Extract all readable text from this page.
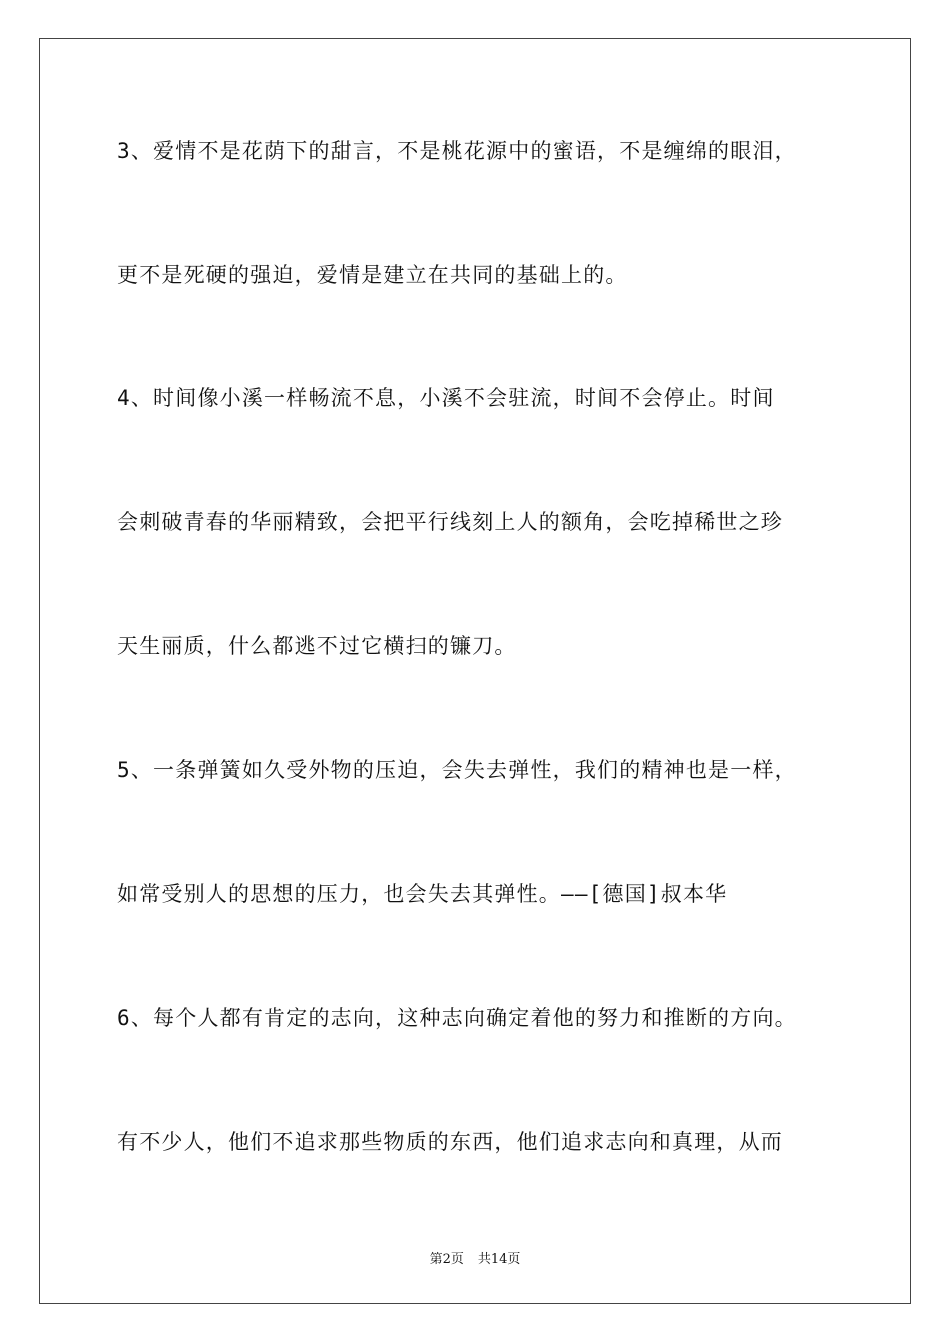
3、爱情不是花荫下的甜言，不是桃花源中的蜜语，不是缠绵的眼泪，
更不是死硬的强迫，爱情是建立在共同的基础上的。
4、时间像小溪一样畅流不息，小溪不会驻流，时间不会停止。时间
会刺破青春的华丽精致，会把平行线刻上人的额角，会吃掉稀世之珍
天生丽质，什么都逃不过它横扫的镰刀。
5、一条弹簧如久受外物的压迫，会失去弹性，我们的精神也是一样，
如常受别人的思想的压力，也会失去其弹性。——[德国]叔本华
6、每个人都有肯定的志向，这种志向确定着他的努力和推断的方向。
有不少人，他们不追求那些物质的东西，他们追求志向和真理，从而
第2页 共14页
